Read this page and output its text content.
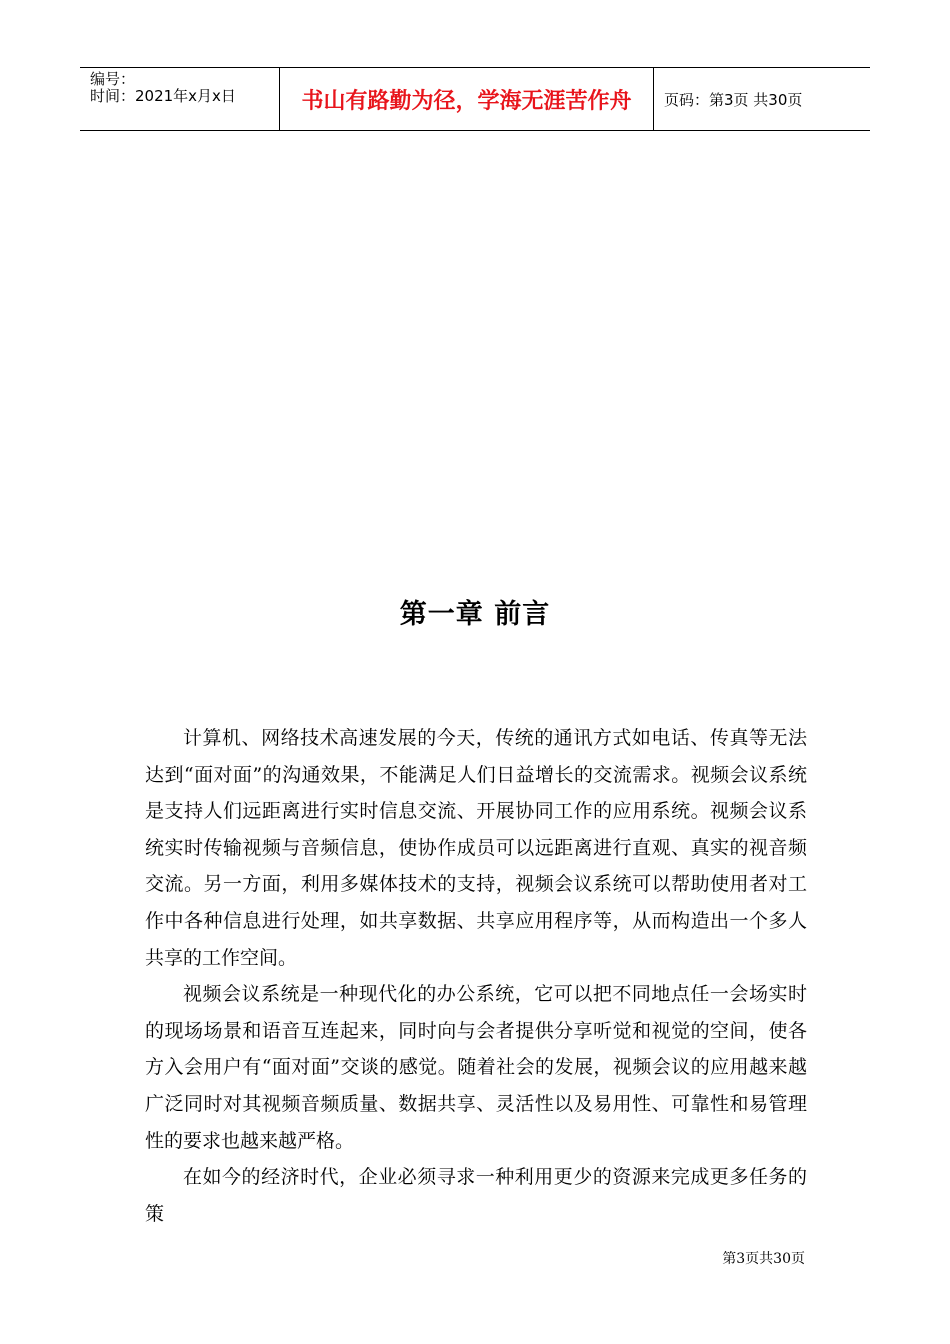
编号：
时间：2021年x月x日	书山有路勤为径，学海无涯苦作舟	页码：第3页 共30页
第一章 前言

计算机、网络技术高速发展的今天，传统的通讯方式如电话、传真等无法达到“面对面”的沟通效果，不能满足人们日益增长的交流需求。视频会议系统是支持人们远距离进行实时信息交流、开展协同工作的应用系统。视频会议系统实时传输视频与音频信息，使协作成员可以远距离进行直观、真实的视音频交流。另一方面，利用多媒体技术的支持，视频会议系统可以帮助使用者对工作中各种信息进行处理，如共享数据、共享应用程序等，从而构造出一个多人共享的工作空间。

视频会议系统是一种现代化的办公系统，它可以把不同地点任一会场实时的现场场景和语音互连起来，同时向与会者提供分享听觉和视觉的空间，使各方入会用户有“面对面”交谈的感觉。随着社会的发展，视频会议的应用越来越广泛同时对其视频音频质量、数据共享、灵活性以及易用性、可靠性和易管理性的要求也越来越严格。

在如今的经济时代，企业必须寻求一种利用更少的资源来完成更多任务的策

第3页共30页
